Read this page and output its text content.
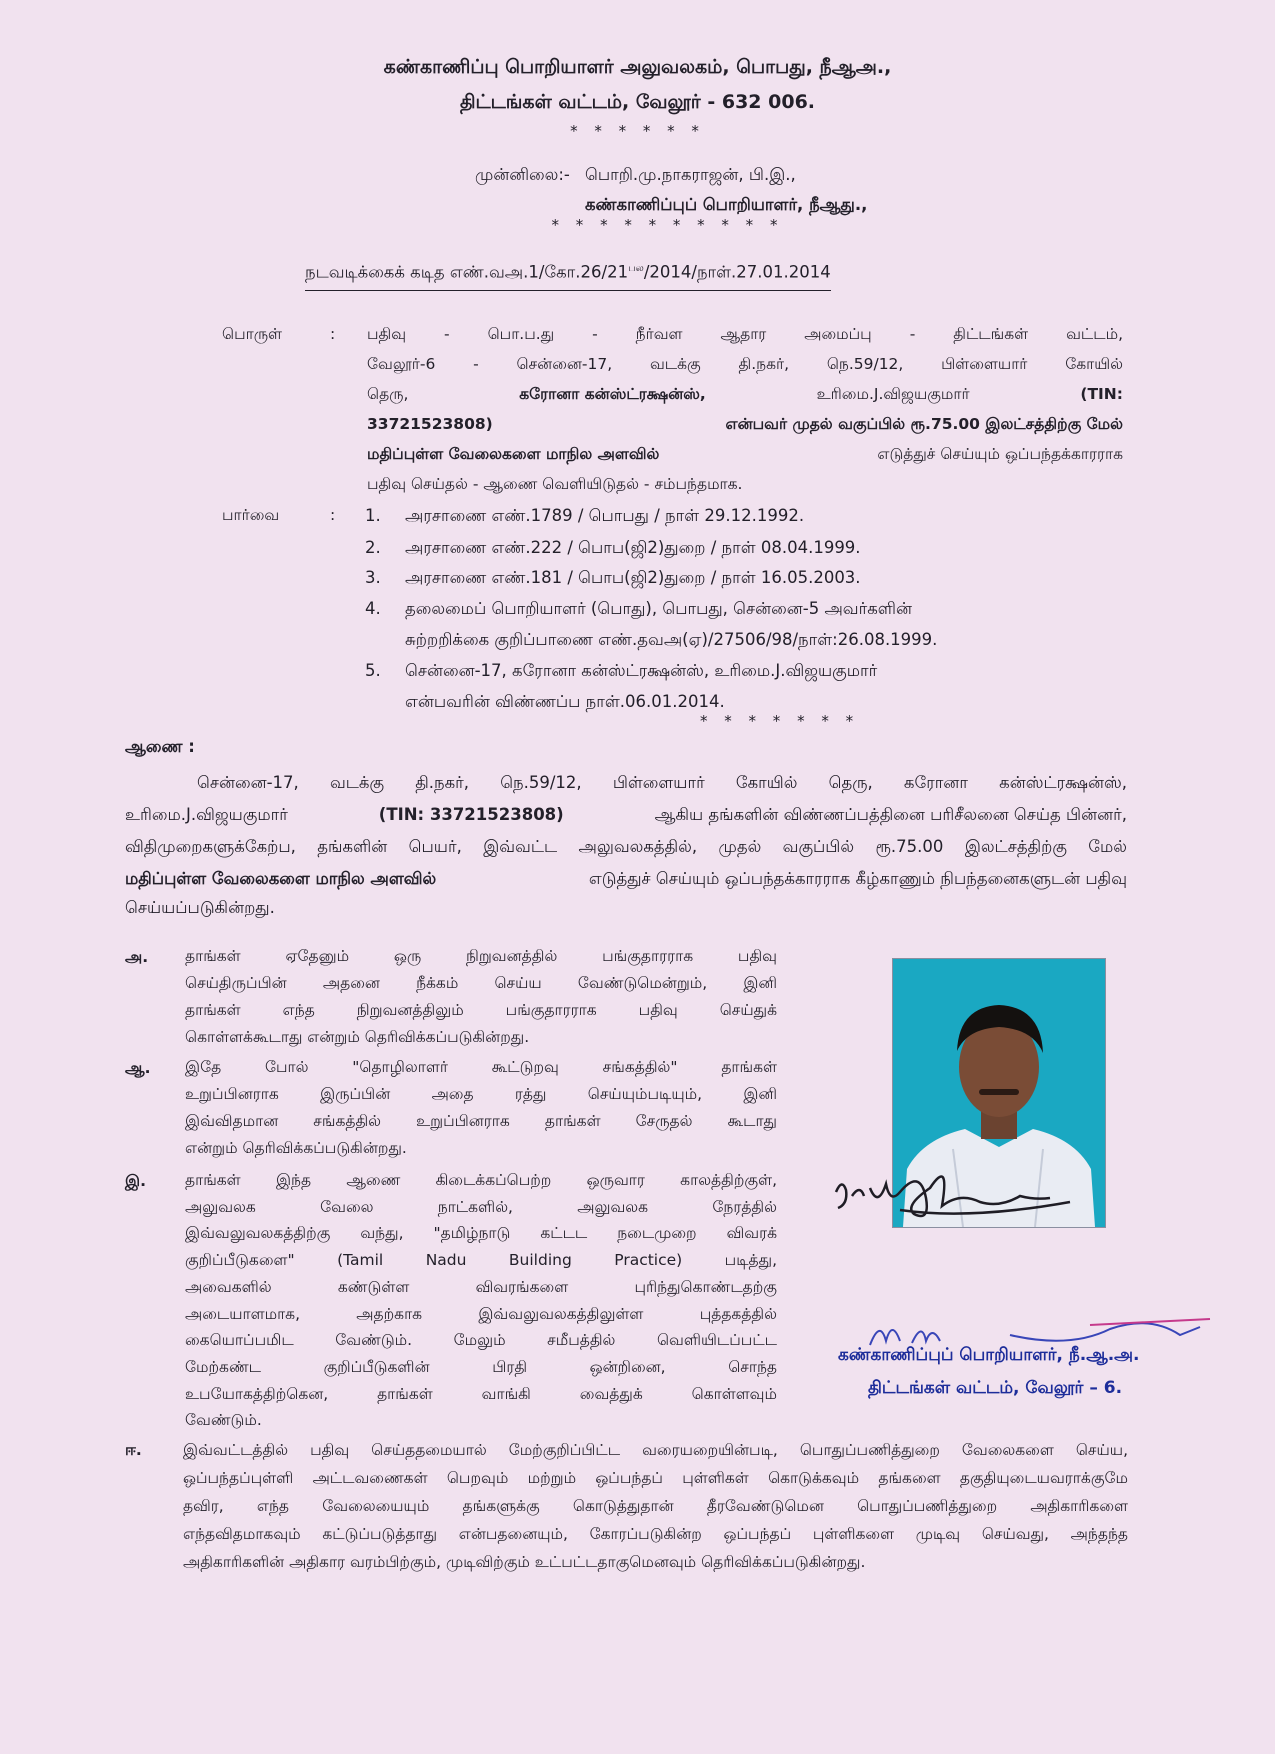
கண்காணிப்பு பொறியாளர் அலுவலகம், பொபது, நீஆஅ.,
திட்டங்கள் வட்டம், வேலூர் - 632 006.
* * * * * *
முன்னிலை:- பொறி.மு.நாகராஜன், பி.இ.,
கண்காணிப்புப் பொறியாளர், நீஆது.,
* * * * * * * * * *
நடவடிக்கைக் கடித $எண்.வஅ.1/கோ.26/21^{பல}/2014/நாள்.27.01.2014$
பொருள்	: பதிவு - பொ.ப.து - நீர்வள ஆதார அமைப்பு - திட்டங்கள் வட்டம்,
வேலூர்-6 - சென்னை-17, வடக்கு தி.நகர், நெ.59/12, பிள்ளையார் கோயில்
தெரு,	கரோனா கன்ஸ்ட்ரக்ஷன்ஸ்,	உரிமை.J.விஜயகுமார்	(TIN:
33721523808)	என்பவர் முதல் வகுப்பில் ரூ.75.00 இலட்சத்திற்கு மேல்
மதிப்புள்ள வேலைகளை மாநில அளவில்	எடுத்துச் செய்யும் ஒப்பந்தக்காரராக
பதிவு செய்தல் - ஆணை வெளியிடுதல் - சம்பந்தமாக.
பார்வை	: 1. அரசாணை எண்.1789 / பொபது / நாள் 29.12.1992.
2. அரசாணை எண்.222 / பொப(ஜி2)துறை / நாள் 08.04.1999.
3. அரசாணை எண்.181 / பொப(ஜி2)துறை / நாள் 16.05.2003.
4. தலைமைப் பொறியாளர் (பொது), பொபது, சென்னை-5 அவர்களின்
சுற்றறிக்கை குறிப்பாணை எண்.தவஅ(ஏ)/27506/98/நாள்:26.08.1999.
5. சென்னை-17, கரோனா கன்ஸ்ட்ரக்ஷன்ஸ், உரிமை.J.விஜயகுமார்
என்பவரின் விண்ணப்ப நாள்.06.01.2014.
* * * * * * *
ஆணை :
சென்னை-17, வடக்கு தி.நகர், நெ.59/12, பிள்ளையார் கோயில் தெரு, கரோனா கன்ஸ்ட்ரக்ஷன்ஸ்,
உரிமை.J.விஜயகுமார்	(TIN: 33721523808)	ஆகிய தங்களின் விண்ணப்பத்தினை பரிசீலனை செய்த பின்னர்,
விதிமுறைகளுக்கேற்ப, தங்களின் பெயர், இவ்வட்ட அலுவலகத்தில், முதல் வகுப்பில் ரூ.75.00 இலட்சத்திற்கு மேல்
மதிப்புள்ள வேலைகளை மாநில அளவில்	எடுத்துச் செய்யும் ஒப்பந்தக்காரராக கீழ்காணும் நிபந்தனைகளுடன் பதிவு
செய்யப்படுகின்றது.
அ. தாங்கள் ஏதேனும் ஒரு நிறுவனத்தில் பங்குதாரராக பதிவு
செய்திருப்பின் அதனை நீக்கம் செய்ய வேண்டுமென்றும், இனி
தாங்கள் எந்த நிறுவனத்திலும் பங்குதாரராக பதிவு செய்துக்
கொள்ளக்கூடாது என்றும் தெரிவிக்கப்படுகின்றது.
ஆ. இதே போல் "தொழிலாளர் கூட்டுறவு சங்கத்தில்" தாங்கள்
உறுப்பினராக இருப்பின் அதை ரத்து செய்யும்படியும், இனி
இவ்விதமான சங்கத்தில் உறுப்பினராக தாங்கள் சேருதல் கூடாது
என்றும் தெரிவிக்கப்படுகின்றது.
இ.	தாங்கள் இந்த ஆணை கிடைக்கப்பெற்ற ஒருவார காலத்திற்குள்,
அலுவலக வேலை நாட்களில், அலுவலக நேரத்தில்
இவ்வலுவலகத்திற்கு வந்து, "தமிழ்நாடு கட்டட நடைமுறை விவரக்
குறிப்பீடுகளை" (Tamil Nadu Building Practice) படித்து,
அவைகளில் கண்டுள்ள விவரங்களை புரிந்துகொண்டதற்கு
அடையாளமாக, அதற்காக இவ்வலுவலகத்திலுள்ள புத்தகத்தில்
கையொப்பமிட வேண்டும். மேலும் சமீபத்தில் வெளியிடப்பட்ட
மேற்கண்ட குறிப்பீடுகளின் பிரதி ஒன்றினை, சொந்த
உபயோகத்திற்கென, தாங்கள் வாங்கி வைத்துக் கொள்ளவும்
வேண்டும்.
ஈ.	இவ்வட்டத்தில் பதிவு செய்ததமையால் மேற்குறிப்பிட்ட வரையறையின்படி, பொதுப்பணித்துறை வேலைகளை செய்ய,
ஒப்பந்தப்புள்ளி அட்டவணைகள் பெறவும் மற்றும் ஒப்பந்தப் புள்ளிகள் கொடுக்கவும் தங்களை தகுதியுடையவராக்குமே
தவிர, எந்த வேலையையும் தங்களுக்கு கொடுத்துதான் தீரவேண்டுமென பொதுப்பணித்துறை அதிகாரிகளை
எந்தவிதமாகவும் கட்டுப்படுத்தாது என்பதனையும், கோரப்படுகின்ற ஒப்பந்தப் புள்ளிகளை முடிவு செய்வது, அந்தந்த
அதிகாரிகளின் அதிகார வரம்பிற்கும், முடிவிற்கும் உட்பட்டதாகுமெனவும் தெரிவிக்கப்படுகின்றது.
J.Vijayakumar
MN
கண்காணிப்புப் பொறியாளர், நீ.ஆ.அ.
திட்டங்கள் வட்டம், வேலூர் – 6.
